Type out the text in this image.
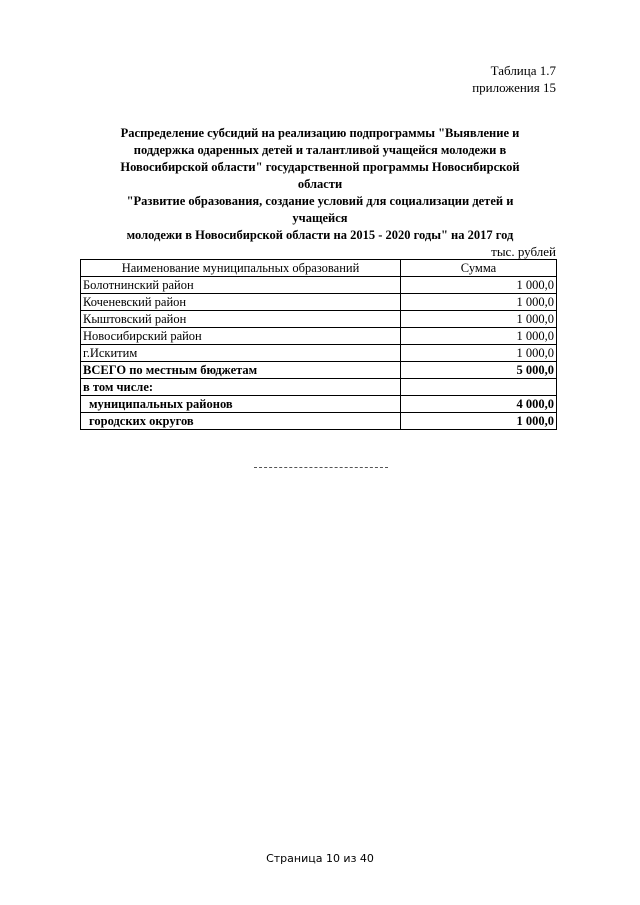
Таблица 1.7
приложения 15
Распределение субсидий на реализацию подпрограммы "Выявление и
поддержка одаренных детей и талантливой учащейся молодежи в
Новосибирской области" государственной программы Новосибирской области
"Развитие образования, создание условий для социализации детей и учащейся
молодежи в Новосибирской области на 2015 - 2020 годы" на 2017 год
тыс. рублей
Наименование муниципальных образований	Сумма
Болотнинский район	1 000,0
Коченевский район	1 000,0
Кыштовский район	1 000,0
Новосибирский район	1 000,0
г.Искитим	1 000,0
ВСЕГО по местным бюджетам	5 000,0
в том числе:	
муниципальных районов	4 000,0
городских округов	1 000,0
Страница 10 из 40
